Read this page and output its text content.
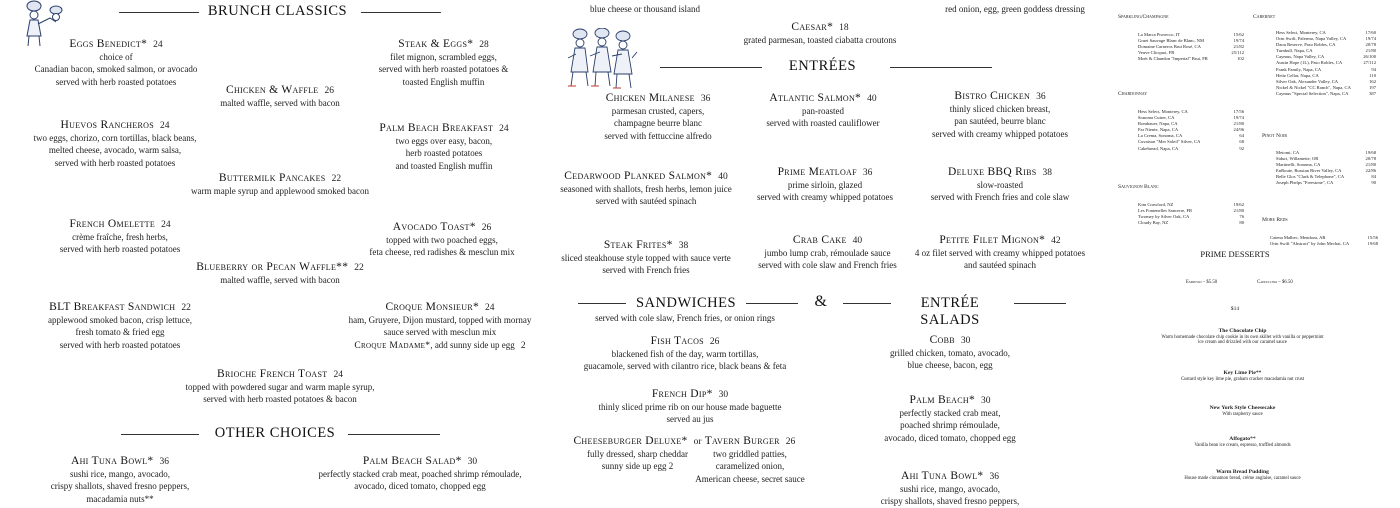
blue cheese or thousand island	red onion, egg, green goddess dressing
BRUNCH CLASSICS
Eggs Benedict* 24
choice of
Canadian bacon, smoked salmon, or avocado
served with herb roasted potatoes
Steak & Eggs* 28
filet mignon, scrambled eggs,
served with herb roasted potatoes &
toasted English muffin
Chicken & Waffle 26
malted waffle, served with bacon
Huevos Rancheros 24
two eggs, chorizo, corn tortillas, black beans,
melted cheese, avocado, warm salsa,
served with herb roasted potatoes
Palm Beach Breakfast 24
two eggs over easy, bacon,
herb roasted potatoes
and toasted English muffin
Buttermilk Pancakes 22
warm maple syrup and applewood smoked bacon
French Omelette 24
crème fraîche, fresh herbs,
served with herb roasted potatoes
Avocado Toast* 26
topped with two poached eggs,
feta cheese, red radishes & mesclun mix
Blueberry or Pecan Waffle** 22
malted waffle, served with bacon
BLT Breakfast Sandwich 22
applewood smoked bacon, crisp lettuce,
fresh tomato & fried egg
served with herb roasted potatoes
Croque Monsieur* 24
ham, Gruyere, Dijon mustard, topped with mornay
sauce served with mesclun mix
Croque Madame*, add sunny side up egg 2
Brioche French Toast 24
topped with powdered sugar and warm maple syrup,
served with herb roasted potatoes & bacon
OTHER CHOICES
Ahi Tuna Bowl* 36
sushi rice, mango, avocado,
crispy shallots, shaved fresno peppers,
macadamia nuts**
Palm Beach Salad* 30
perfectly stacked crab meat, poached shrimp rémoulade,
avocado, diced tomato, chopped egg
Caesar* 18
grated parmesan, toasted ciabatta croutons
ENTRÉES
Chicken Milanese 36
parmesan crusted, capers,
champagne beurre blanc
served with fettuccine alfredo
Atlantic Salmon* 40
pan-roasted
served with roasted cauliflower
Bistro Chicken 36
thinly sliced chicken breast,
pan sautéed, beurre blanc
served with creamy whipped potatoes
Cedarwood Planked Salmon* 40
seasoned with shallots, fresh herbs, lemon juice
served with sautéed spinach
Prime Meatloaf 36
prime sirloin, glazed
served with creamy whipped potatoes
Deluxe BBQ Ribs 38
slow-roasted
served with French fries and cole slaw
Steak Frites* 38
sliced steakhouse style topped with sauce verte
served with French fries
Crab Cake 40
jumbo lump crab, rémoulade sauce
served with cole slaw and French fries
Petite Filet Mignon* 42
4 oz filet served with creamy whipped potatoes
and sautéed spinach
SANDWICHES	&	ENTRÉE SALADS
served with cole slaw, French fries, or onion rings
Fish Tacos 26
blackened fish of the day, warm tortillas,
guacamole, served with cilantro rice, black beans & feta
French Dip* 30
thinly sliced prime rib on our house made baguette
served au jus
Cheeseburger Deluxe* or
fully dressed, sharp cheddar
sunny side up egg 2
Tavern Burger 26
two griddled patties,
caramelized onion,
American cheese, secret sauce
Cobb 30
grilled chicken, tomato, avocado,
blue cheese, bacon, egg
Palm Beach* 30
perfectly stacked crab meat,
poached shrimp rémoulade,
avocado, diced tomato, chopped egg
Ahi Tuna Bowl* 36
sushi rice, mango, avocado,
crispy shallots, shaved fresno peppers,
Sparkling/Champagne
La Marca Prosecco, IT	15/62
Gruet Sauvage Blanc de Blanc, NM	19/74
Domaine Carneros Brut Rosé, CA	21/82
Veuve Clicquot, FR	25/112
Moët & Chandon "Imperial" Brut, FR	102
Chardonnay
Hess Select, Monterey, CA	17/56
Sonoma Cutrer, CA	19/74
Rombauer, Napa, CA	21/80
Far Niente, Napa, CA	24/96
La Crema, Sonoma, CA	64
Cuvaison "Mer Soleil" Silver, CA	68
Cakebread, Napa, CA	92
Sauvignon Blanc
Kim Crawford, NZ	19/62
Les Fontenelles Sancerre, FR	21/80
Twomey by Silver Oak, CA	76
Cloudy Bay, NZ	80
Cabernet
Hess Select, Monterey, CA	17/60
Orin Swift, Palermo, Napa Valley, CA	19/74
Daou Reserve, Paso Robles, CA	20/78
Turnbull, Napa, CA	21/80
Caymus, Napa Valley, CA	26/100
Austin Hope (1L), Paso Robles, CA	27/112
Frank Family, Napa, CA	94
Heitz Cellar, Napa, CA	110
Silver Oak, Alexander Valley, CA	162
Nickel & Nickel "CC Ranch", Napa, CA	197
Caymus "Special Selection", Napa, CA	387
Pinot Noir
Meiomi, CA	19/68
Siduri, Willamette, OR	20/78
Martinelli, Sonoma, CA	21/80
EnRoute, Russian River Valley, CA	22/86
Belle Glos "Clark & Telephone", CA	84
Joseph Phelps "Freestone", CA	90
More Reds
Catena Malbec, Mendoza, AR	15/56
Orin Swift "Abstract" by John Mechai, CA	19/68
PRIME DESSERTS
Espresso – $5.50	Cappuccino – $6.50
$14
The Chocolate Chip
Warm homemade chocolate chip cookie in its own skillet with vanilla or peppermint ice cream and drizzled with our caramel sauce
Key Lime Pie**
Custard style key lime pie, graham cracker macadamia nut crust
New York Style Cheesecake
With raspberry sauce
Affogato**
Vanilla bean ice cream, espresso, truffled almonds
Warm Bread Pudding
House made cinnamon bread, crème anglaise, caramel sauce
